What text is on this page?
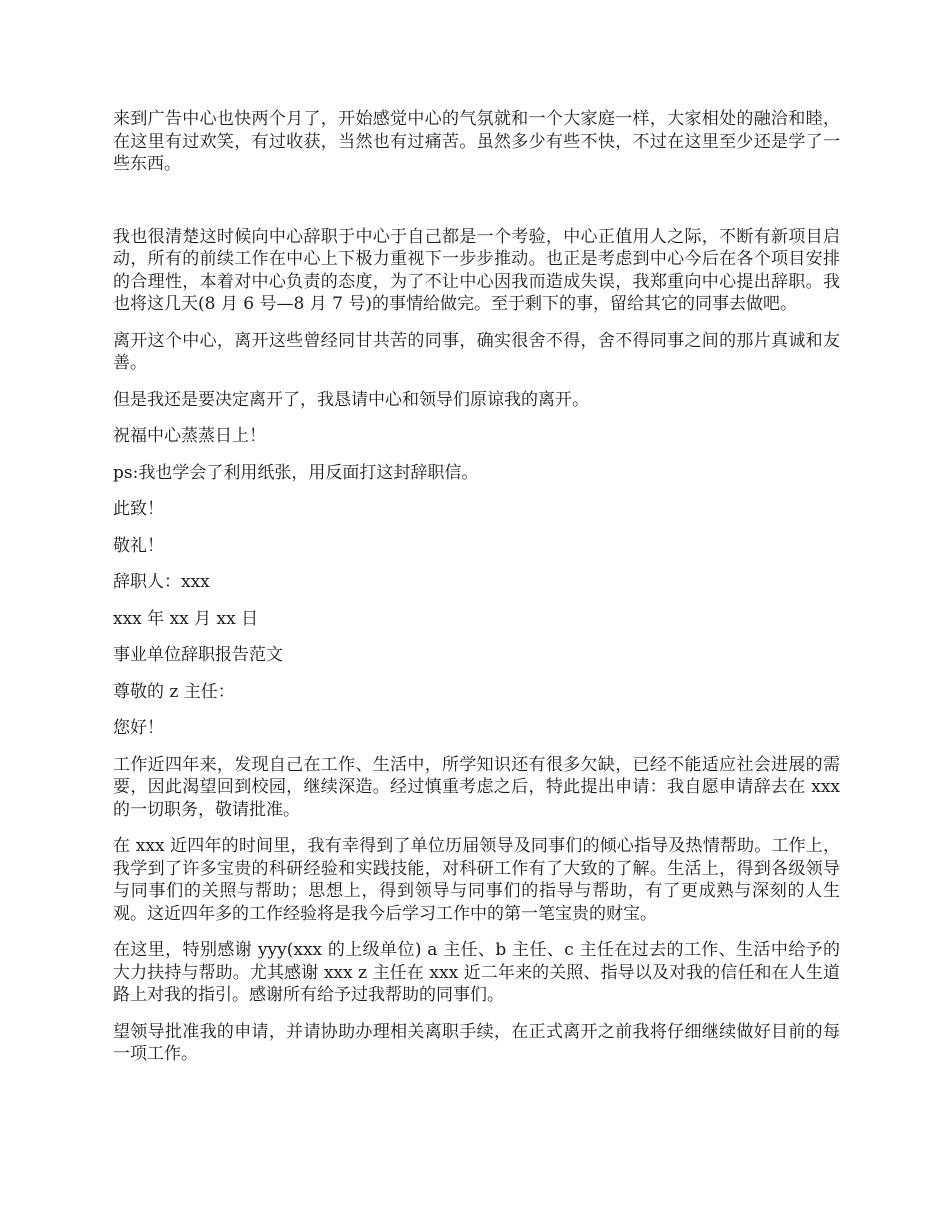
来到广告中心也快两个月了，开始感觉中心的气氛就和一个大家庭一样，大家相处的融洽和睦，在这里有过欢笑，有过收获，当然也有过痛苦。虽然多少有些不快，不过在这里至少还是学了一些东西。

我也很清楚这时候向中心辞职于中心于自己都是一个考验，中心正值用人之际，不断有新项目启动，所有的前续工作在中心上下极力重视下一步步推动。也正是考虑到中心今后在各个项目安排的合理性，本着对中心负责的态度，为了不让中心因我而造成失误，我郑重向中心提出辞职。我也将这几天(8 月 6 号—8 月 7 号)的事情给做完。至于剩下的事，留给其它的同事去做吧。

离开这个中心，离开这些曾经同甘共苦的同事，确实很舍不得，舍不得同事之间的那片真诚和友善。

但是我还是要决定离开了，我恳请中心和领导们原谅我的离开。

祝福中心蒸蒸日上！

ps:我也学会了利用纸张，用反面打这封辞职信。

此致！

敬礼！

辞职人：xxx

xxx 年 xx 月 xx 日

事业单位辞职报告范文

尊敬的 z 主任：

您好！

工作近四年来，发现自己在工作、生活中，所学知识还有很多欠缺，已经不能适应社会进展的需要，因此渴望回到校园，继续深造。经过慎重考虑之后，特此提出申请：我自愿申请辞去在 xxx 的一切职务，敬请批准。

在 xxx 近四年的时间里，我有幸得到了单位历届领导及同事们的倾心指导及热情帮助。工作上，我学到了许多宝贵的科研经验和实践技能，对科研工作有了大致的了解。生活上，得到各级领导与同事们的关照与帮助；思想上，得到领导与同事们的指导与帮助，有了更成熟与深刻的人生观。这近四年多的工作经验将是我今后学习工作中的第一笔宝贵的财宝。

在这里，特别感谢 yyy(xxx 的上级单位) a 主任、b 主任、c 主任在过去的工作、生活中给予的大力扶持与帮助。尤其感谢 xxx z 主任在 xxx 近二年来的关照、指导以及对我的信任和在人生道路上对我的指引。感谢所有给予过我帮助的同事们。

望领导批准我的申请，并请协助办理相关离职手续，在正式离开之前我将仔细继续做好目前的每一项工作。
